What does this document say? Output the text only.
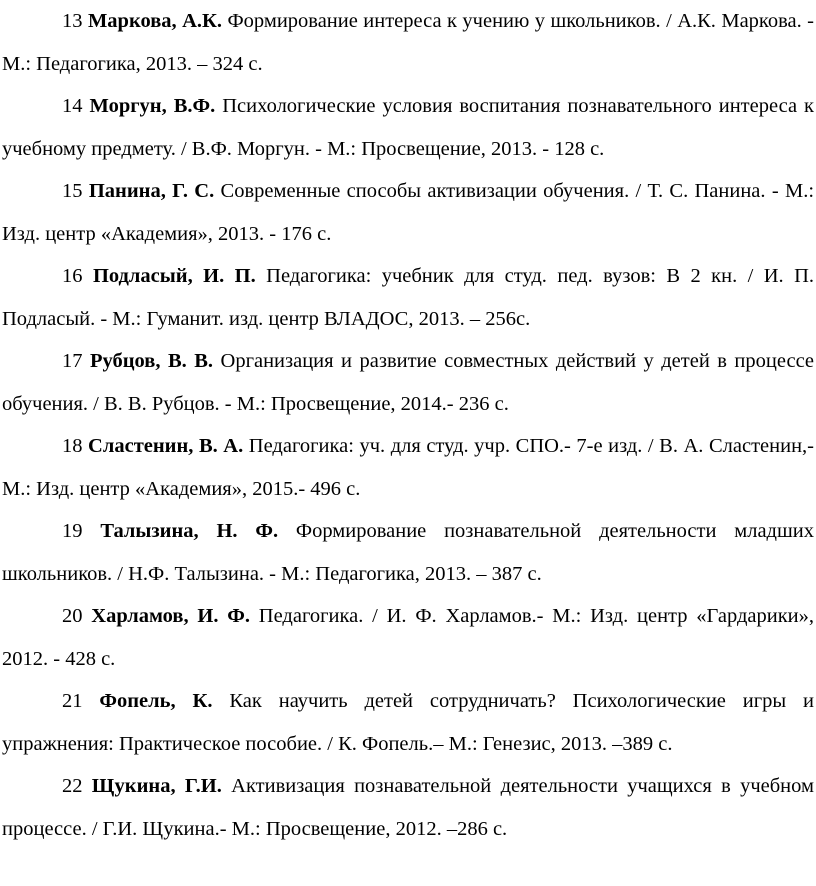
13 Маркова, А.К. Формирование интереса к учению у школьников. / А.К. Маркова. - М.: Педагогика, 2013. – 324 с.

14 Моргун, В.Ф. Психологические условия воспитания познавательного интереса к учебному предмету. / В.Ф. Моргун. - М.: Просвещение, 2013. - 128 с.

15 Панина, Г. С. Современные способы активизации обучения. / Т. С. Панина. - М.: Изд. центр «Академия», 2013. - 176 с.

16 Подласый, И. П. Педагогика: учебник для студ. пед. вузов: В 2 кн. / И. П. Подласый. - М.: Гуманит. изд. центр ВЛАДОС, 2013. – 256с.

17 Рубцов, В. В. Организация и развитие совместных действий у детей в процессе обучения. / В. В. Рубцов. - М.: Просвещение, 2014.- 236 с.

18 Сластенин, В. А. Педагогика: уч. для студ. учр. СПО.- 7-е изд. / В. А. Сластенин,- М.: Изд. центр «Академия», 2015.- 496 с.

19 Талызина, Н. Ф. Формирование познавательной деятельности младших школьников. / Н.Ф. Талызина. - М.: Педагогика, 2013. – 387 с.

20 Харламов, И. Ф. Педагогика. / И. Ф. Харламов.- М.: Изд. центр «Гардарики», 2012. - 428 с.

21 Фопель, К. Как научить детей сотрудничать? Психологические игры и упражнения: Практическое пособие. / К. Фопель.– М.: Генезис, 2013. –389 с.

22 Щукина, Г.И. Активизация познавательной деятельности учащихся в учебном процессе. / Г.И. Щукина.- М.: Просвещение, 2012. –286 с.
